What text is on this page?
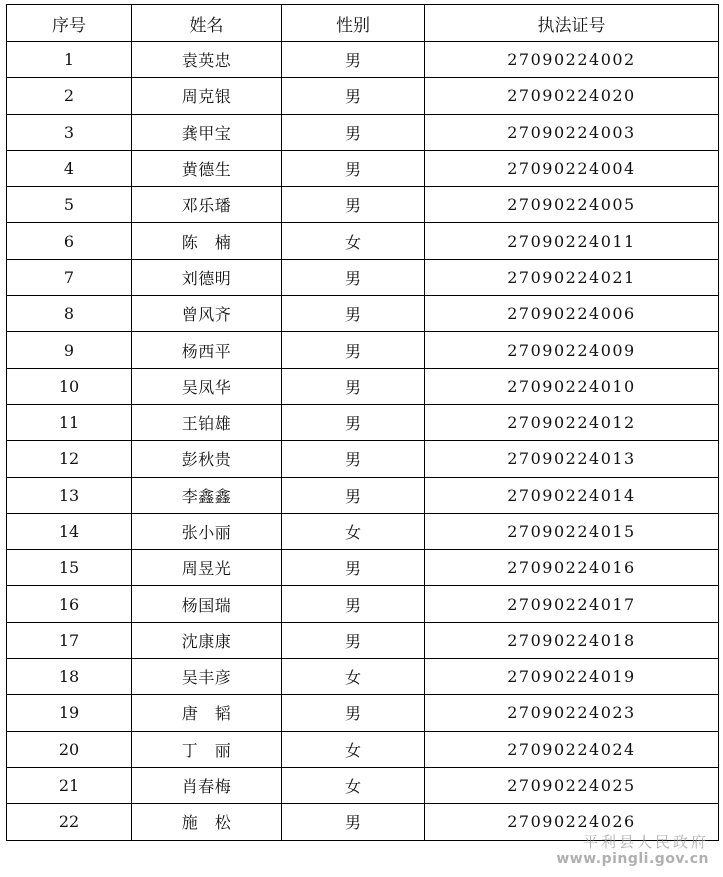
序号	姓名	性别	执法证号
1	袁英忠	男	27090224002
2	周克银	男	27090224020
3	龚甲宝	男	27090224003
4	黄德生	男	27090224004
5	邓乐璠	男	27090224005
6	陈　楠	女	27090224011
7	刘德明	男	27090224021
8	曾风齐	男	27090224006
9	杨西平	男	27090224009
10	吴凤华	男	27090224010
11	王铂雄	男	27090224012
12	彭秋贵	男	27090224013
13	李鑫鑫	男	27090224014
14	张小丽	女	27090224015
15	周昱光	男	27090224016
16	杨国瑞	男	27090224017
17	沈康康	男	27090224018
18	吴丰彦	女	27090224019
19	唐　韬	男	27090224023
20	丁　丽	女	27090224024
21	肖春梅	女	27090224025
22	施　松	男	27090224026
平利县人民政府
www.pingli.gov.cn
